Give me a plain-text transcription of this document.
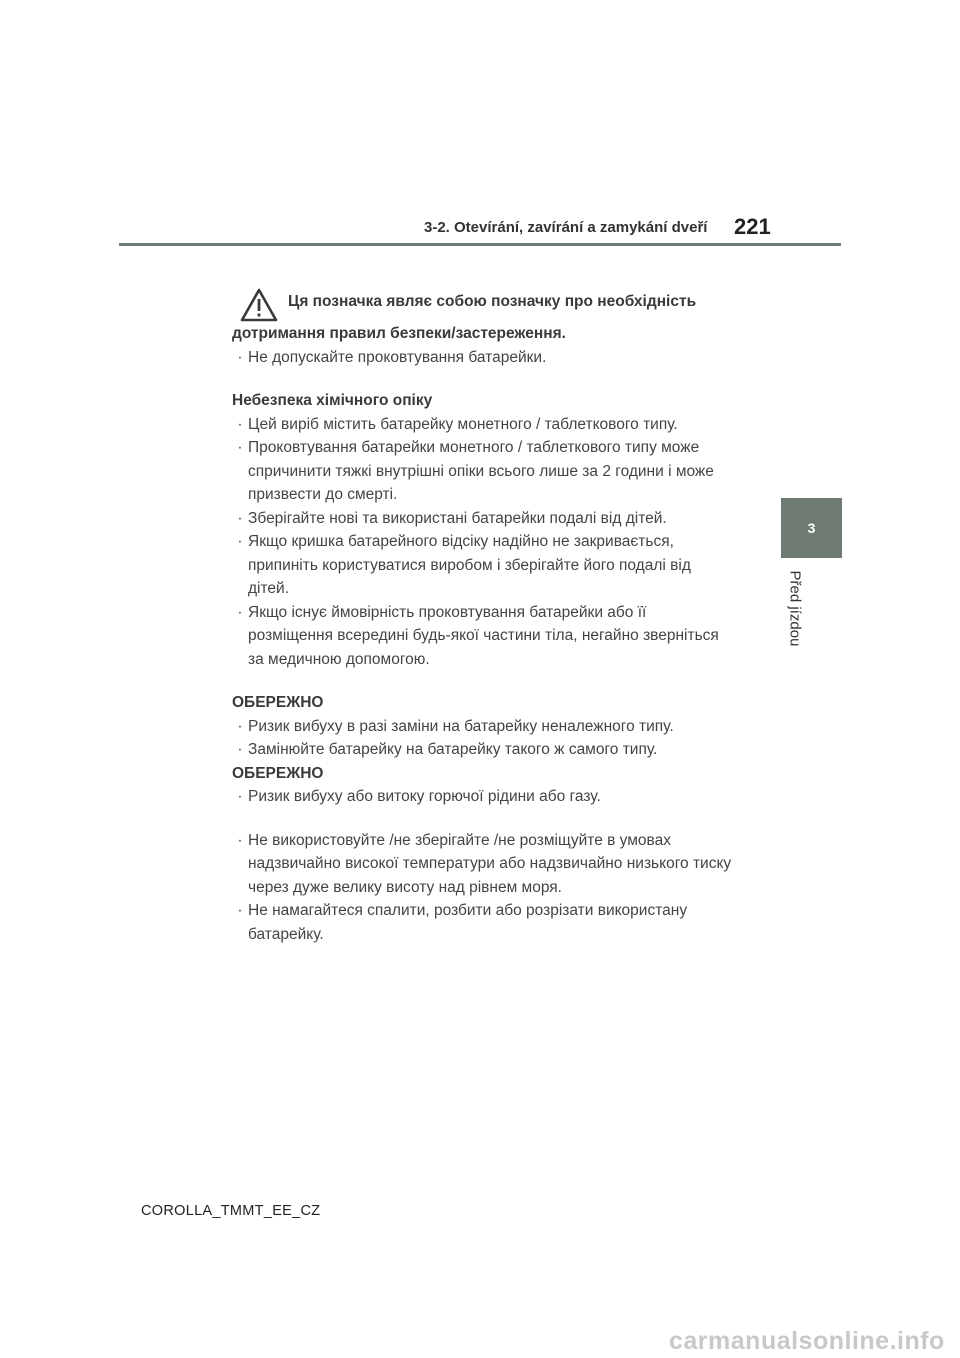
3-2. Otevírání, zavírání a zamykání dveří 221
3
Před jízdou
Ця позначка являє собою позначку про необхідність
дотримання правил безпеки/застереження.
· Не допускайте проковтування батарейки.
Небезпека хімічного опіку
· Цей виріб містить батарейку монетного / таблеткового типу.
· Проковтування батарейки монетного / таблеткового типу може спричинити тяжкі внутрішні опіки всього лише за 2 години і може призвести до смерті.
· Зберігайте нові та використані батарейки подалі від дітей.
· Якщо кришка батарейного відсіку надійно не закривається, припиніть користуватися виробом і зберігайте його подалі від дітей.
· Якщо існує ймовірність проковтування батарейки або її розміщення всередині будь-якої частини тіла, негайно зверніться за медичною допомогою.
ОБЕРЕЖНО
· Ризик вибуху в разі заміни на батарейку неналежного типу.
· Замінюйте батарейку на батарейку такого ж самого типу.
ОБЕРЕЖНО
· Ризик вибуху або витоку горючої рідини або газу.
· Не використовуйте /не зберігайте /не розміщуйте в умовах надзвичайно високої температури або надзвичайно низького тиску через дуже велику висоту над рівнем моря.
· Не намагайтеся спалити, розбити або розрізати використану батарейку.
COROLLA_TMMT_EE_CZ
carmanualsonline.info
